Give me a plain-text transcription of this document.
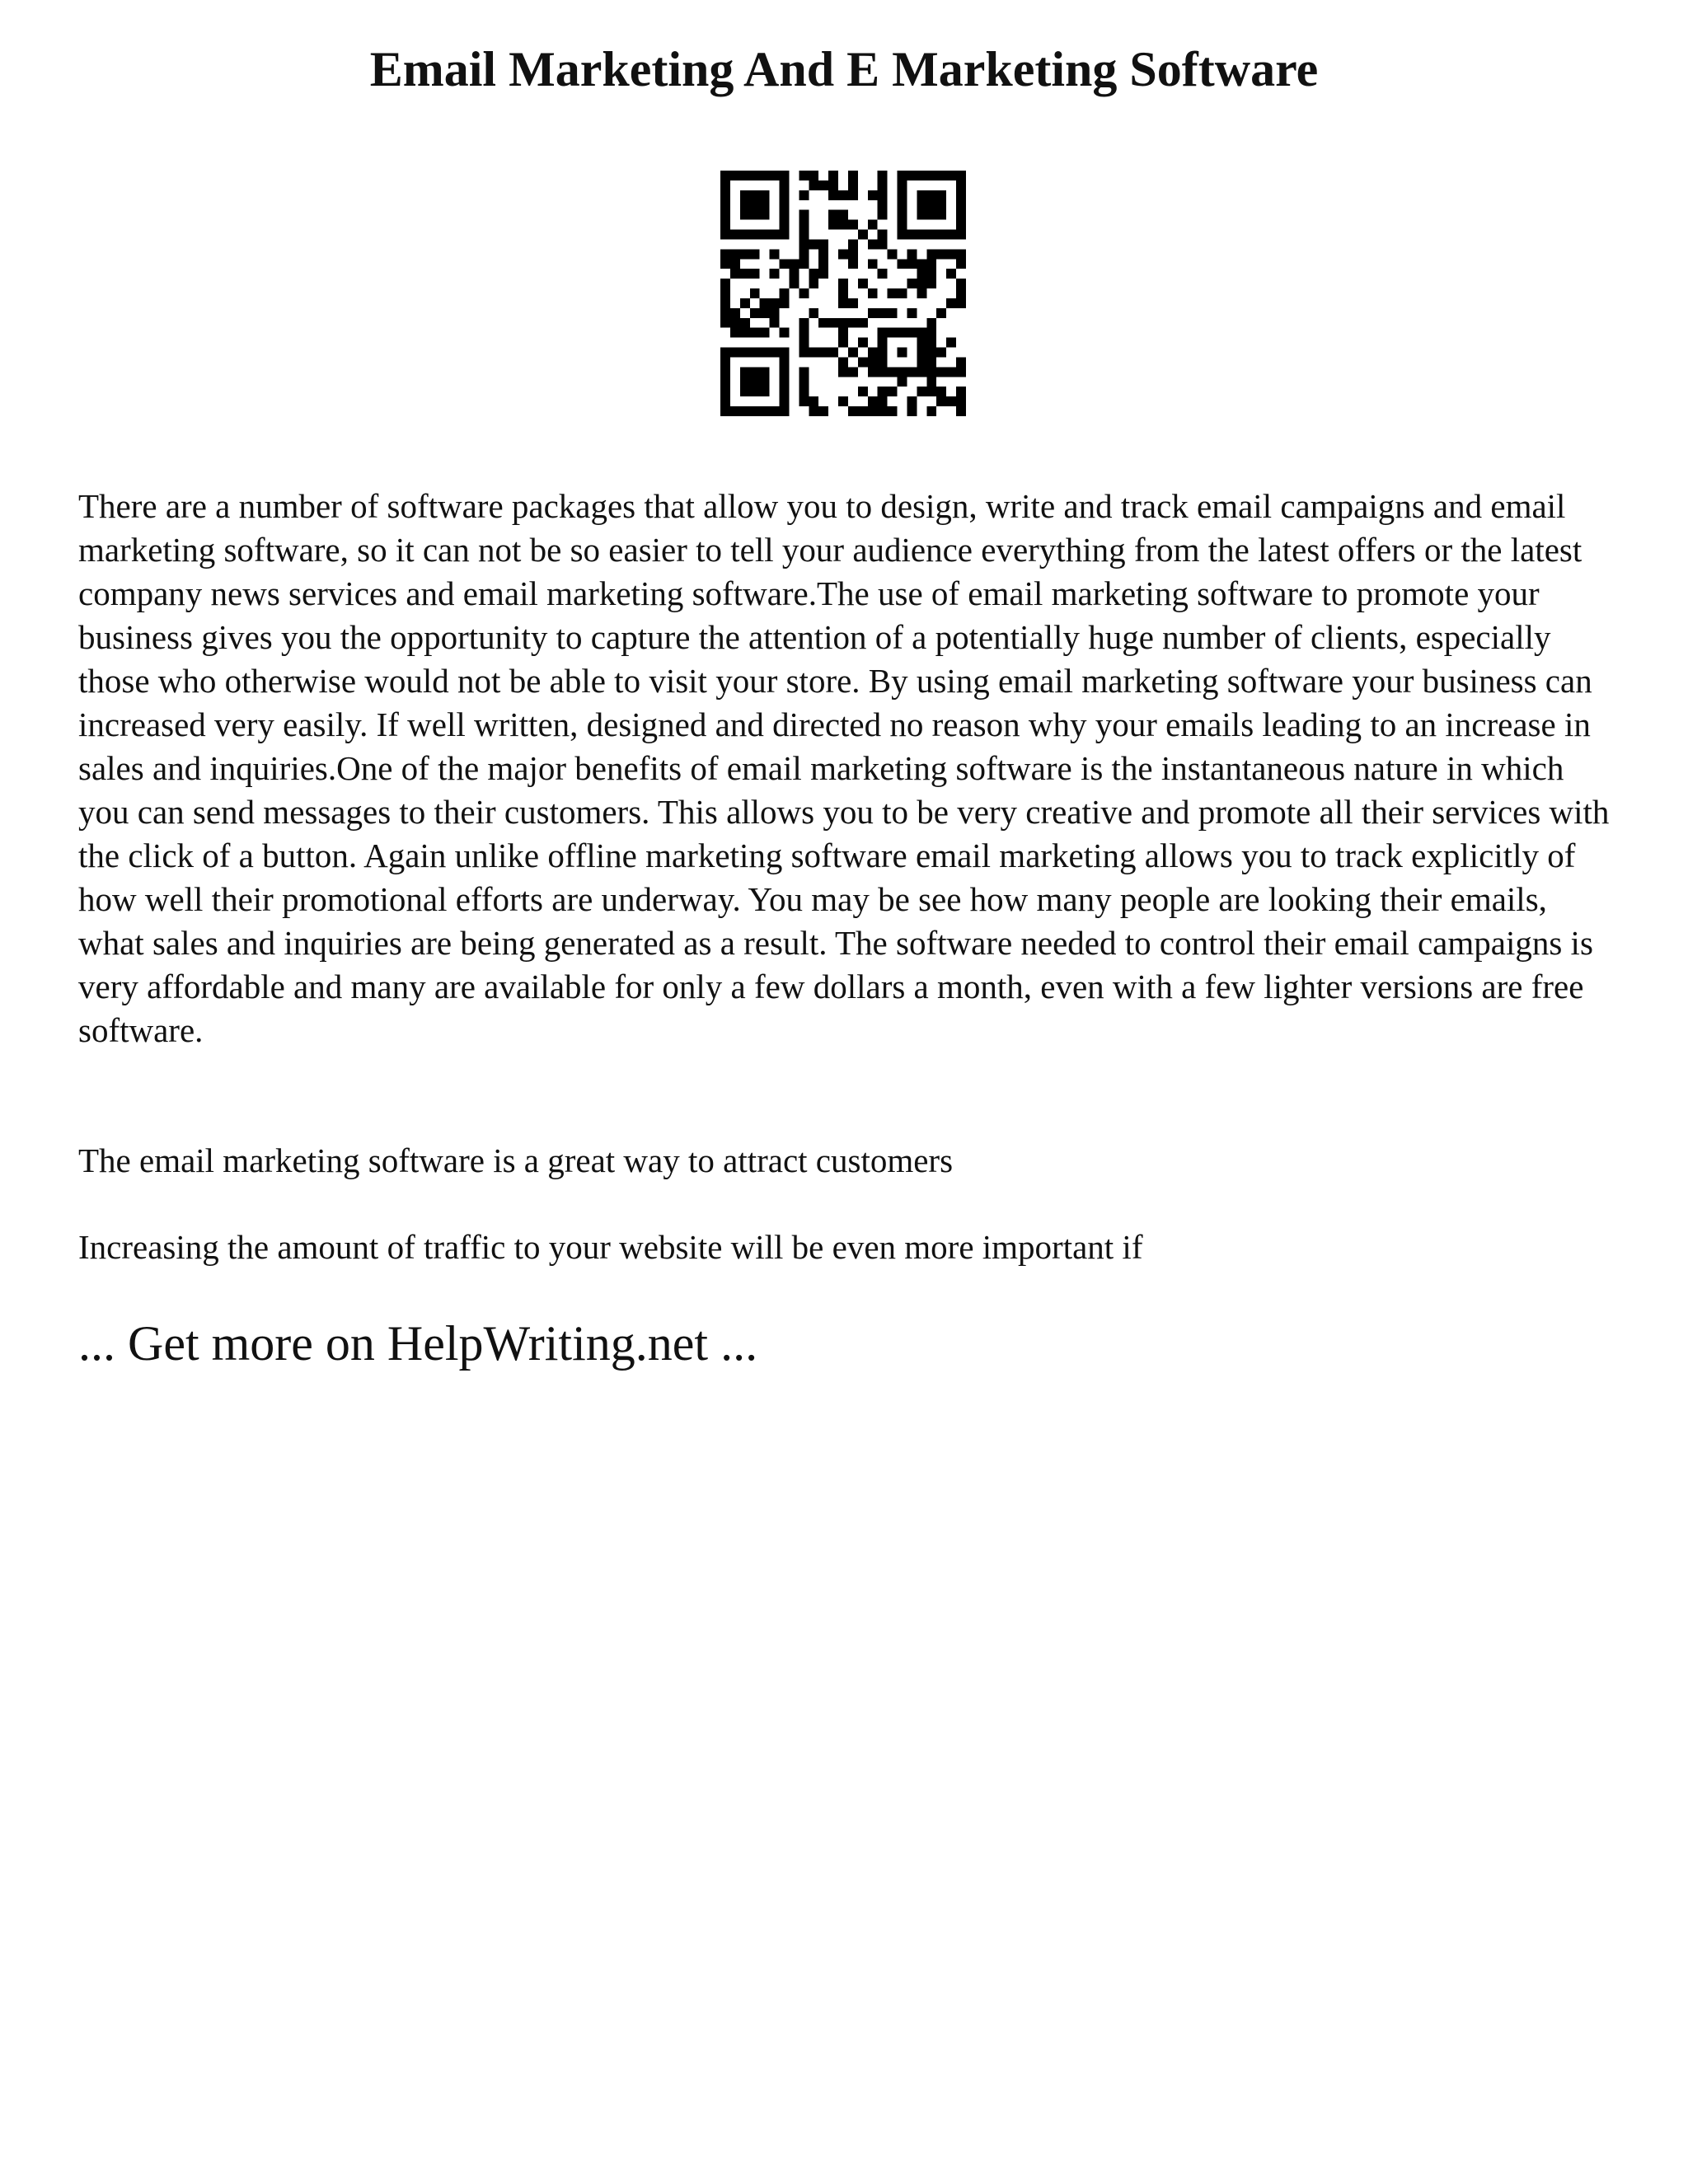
Email Marketing And E Marketing Software

There are a number of software packages that allow you to design, write and track email campaigns and email marketing software, so it can not be so easier to tell your audience everything from the latest offers or the latest company news services and email marketing software.The use of email marketing software to promote your business gives you the opportunity to capture the attention of a potentially huge number of clients, especially those who otherwise would not be able to visit your store. By using email marketing software your business can increased very easily. If well written, designed and directed no reason why your emails leading to an increase in sales and inquiries.One of the major benefits of email marketing software is the instantaneous nature in which you can send messages to their customers. This allows you to be very creative and promote all their services with the click of a button. Again unlike offline marketing software email marketing allows you to track explicitly of how well their promotional efforts are underway. You may be see how many people are looking their emails, what sales and inquiries are being generated as a result. The software needed to control their email campaigns is very affordable and many are available for only a few dollars a month, even with a few lighter versions are free software.

The email marketing software is a great way to attract customers

Increasing the amount of traffic to your website will be even more important if

... Get more on HelpWriting.net ...
